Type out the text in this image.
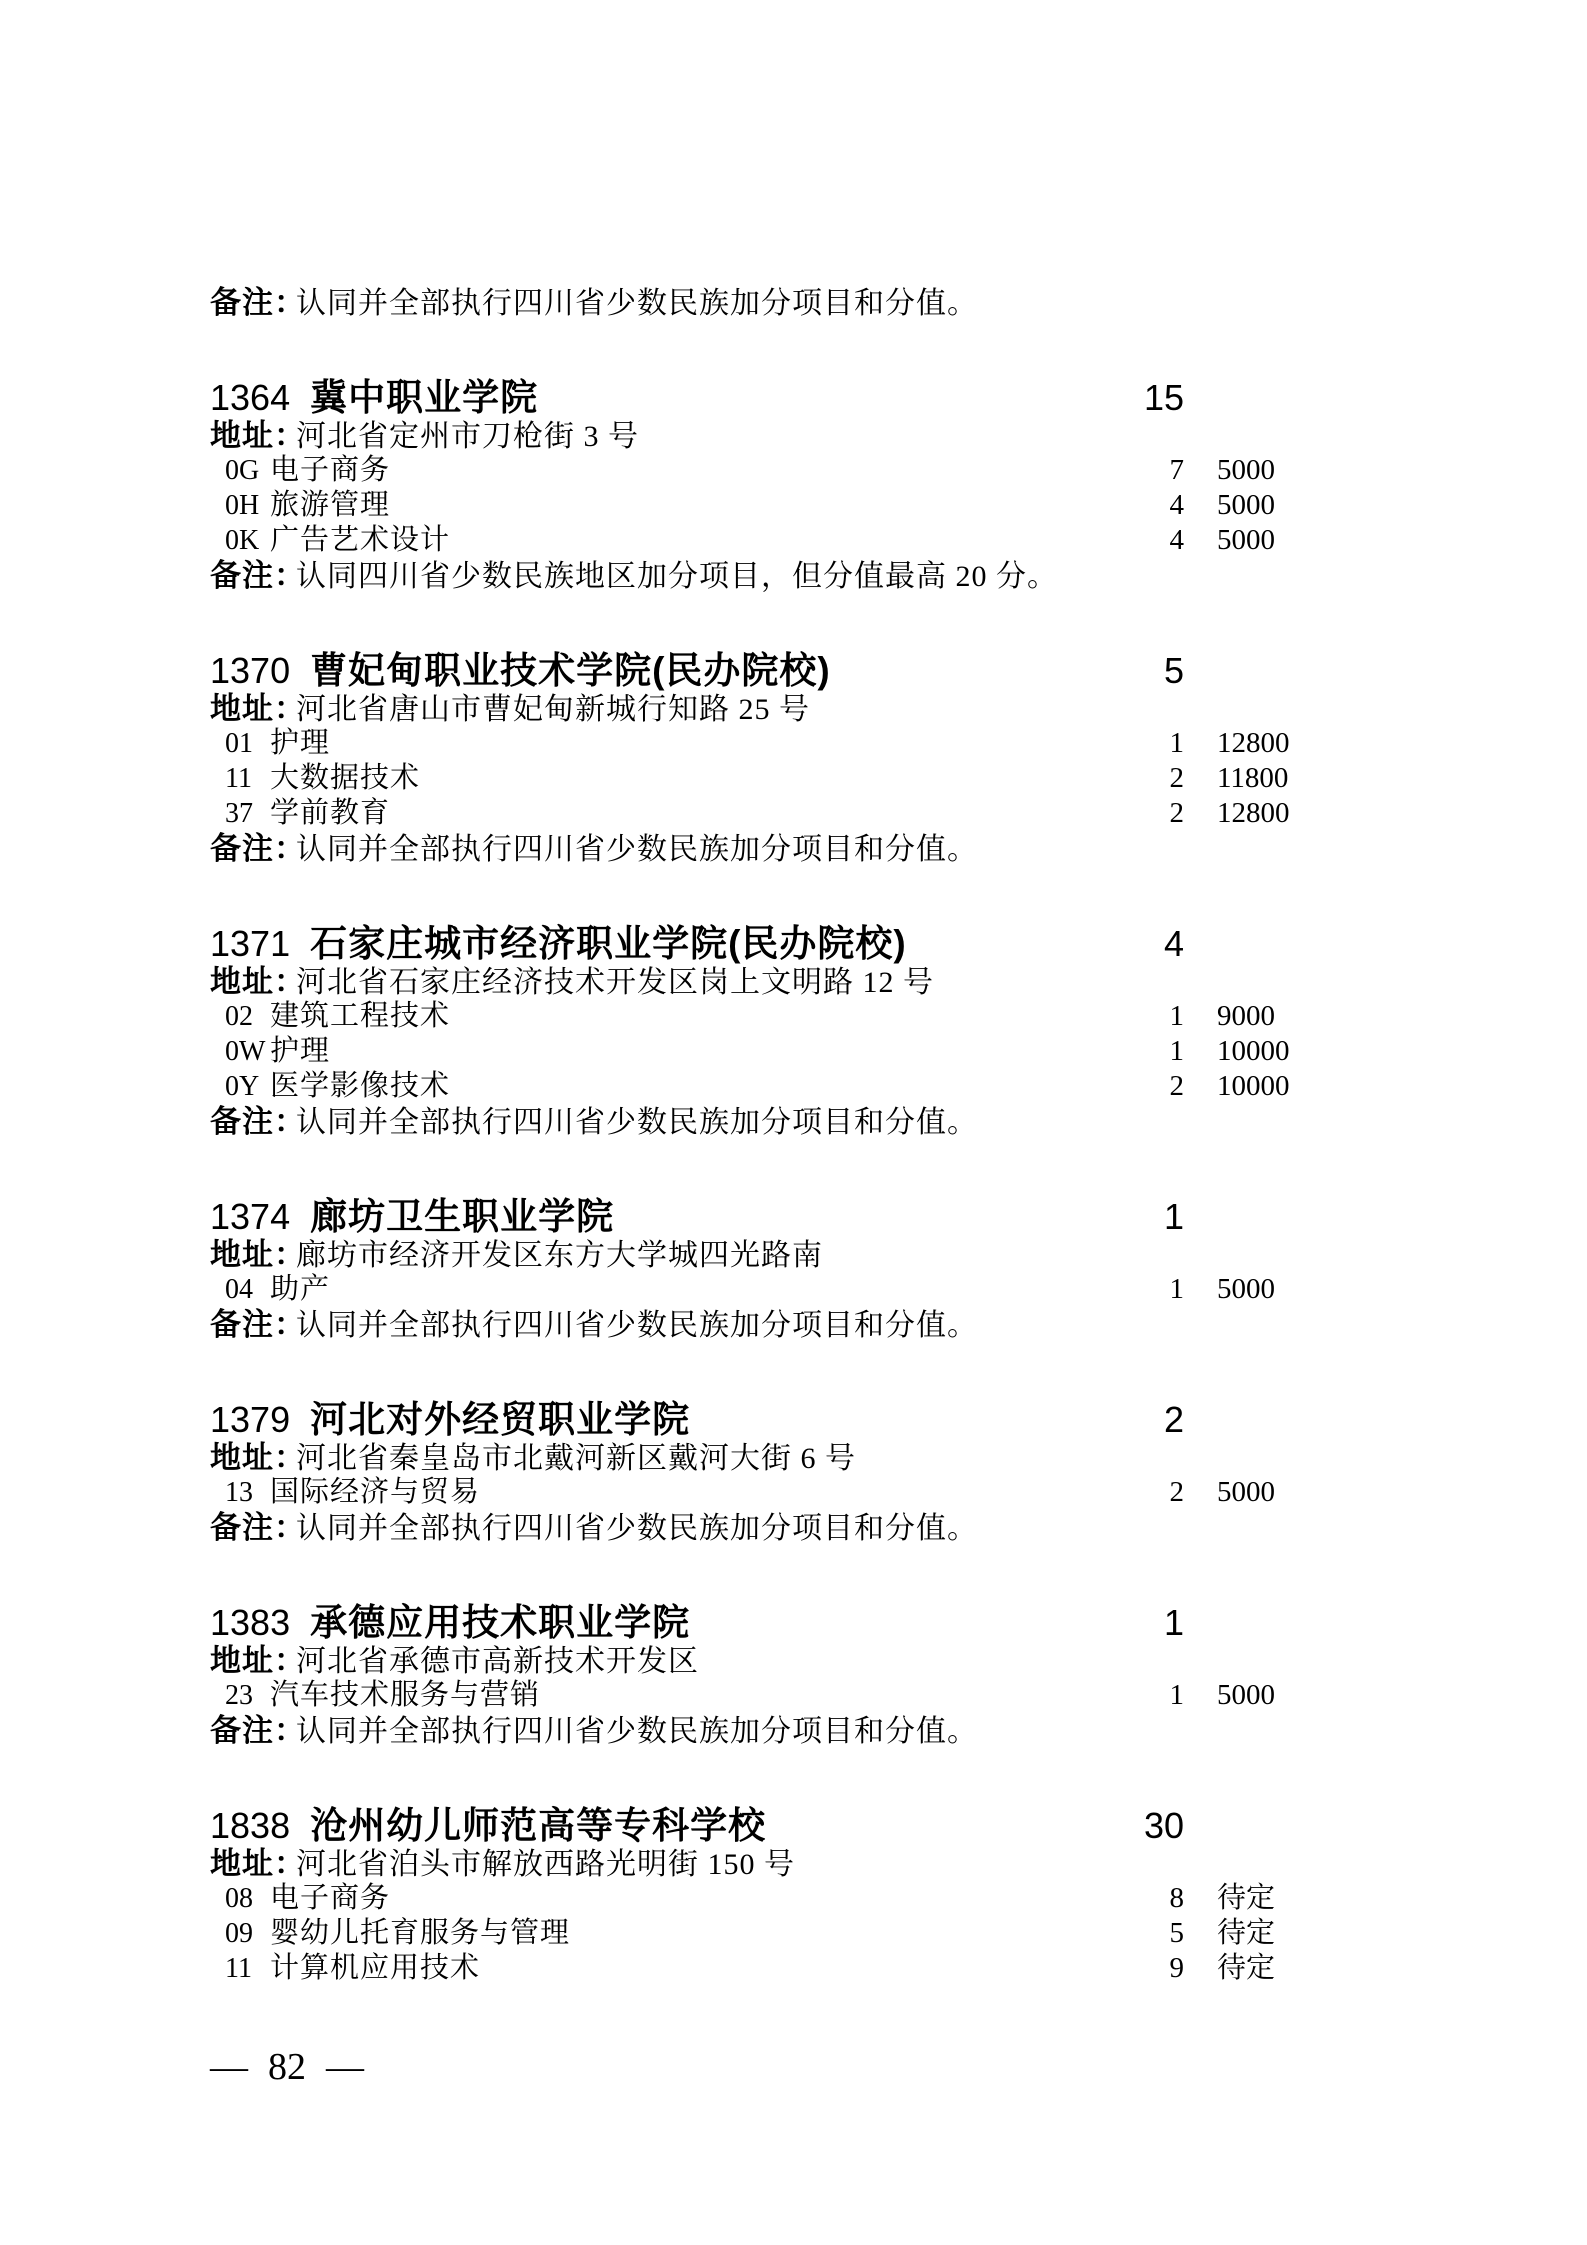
备注：认同并全部执行四川省少数民族加分项目和分值。
1364 冀中职业学院	15
地址：河北省定州市刀枪街 3 号
0G 电子商务	7	5000
0H 旅游管理	4	5000
0K 广告艺术设计	4	5000
备注：认同四川省少数民族地区加分项目，但分值最高 20 分。
1370 曹妃甸职业技术学院(民办院校)	5
地址：河北省唐山市曹妃甸新城行知路 25 号
01 护理	1	12800
11 大数据技术	2	11800
37 学前教育	2	12800
备注：认同并全部执行四川省少数民族加分项目和分值。
1371 石家庄城市经济职业学院(民办院校)	4
地址：河北省石家庄经济技术开发区岗上文明路 12 号
02 建筑工程技术	1	9000
0W 护理	1	10000
0Y 医学影像技术	2	10000
备注：认同并全部执行四川省少数民族加分项目和分值。
1374 廊坊卫生职业学院	1
地址：廊坊市经济开发区东方大学城四光路南
04 助产	1	5000
备注：认同并全部执行四川省少数民族加分项目和分值。
1379 河北对外经贸职业学院	2
地址：河北省秦皇岛市北戴河新区戴河大街 6 号
13 国际经济与贸易	2	5000
备注：认同并全部执行四川省少数民族加分项目和分值。
1383 承德应用技术职业学院	1
地址：河北省承德市高新技术开发区
23 汽车技术服务与营销	1	5000
备注：认同并全部执行四川省少数民族加分项目和分值。
1838 沧州幼儿师范高等专科学校	30
地址：河北省泊头市解放西路光明街 150 号
08 电子商务	8	待定
09 婴幼儿托育服务与管理	5	待定
11 计算机应用技术	9	待定
— 82 —
